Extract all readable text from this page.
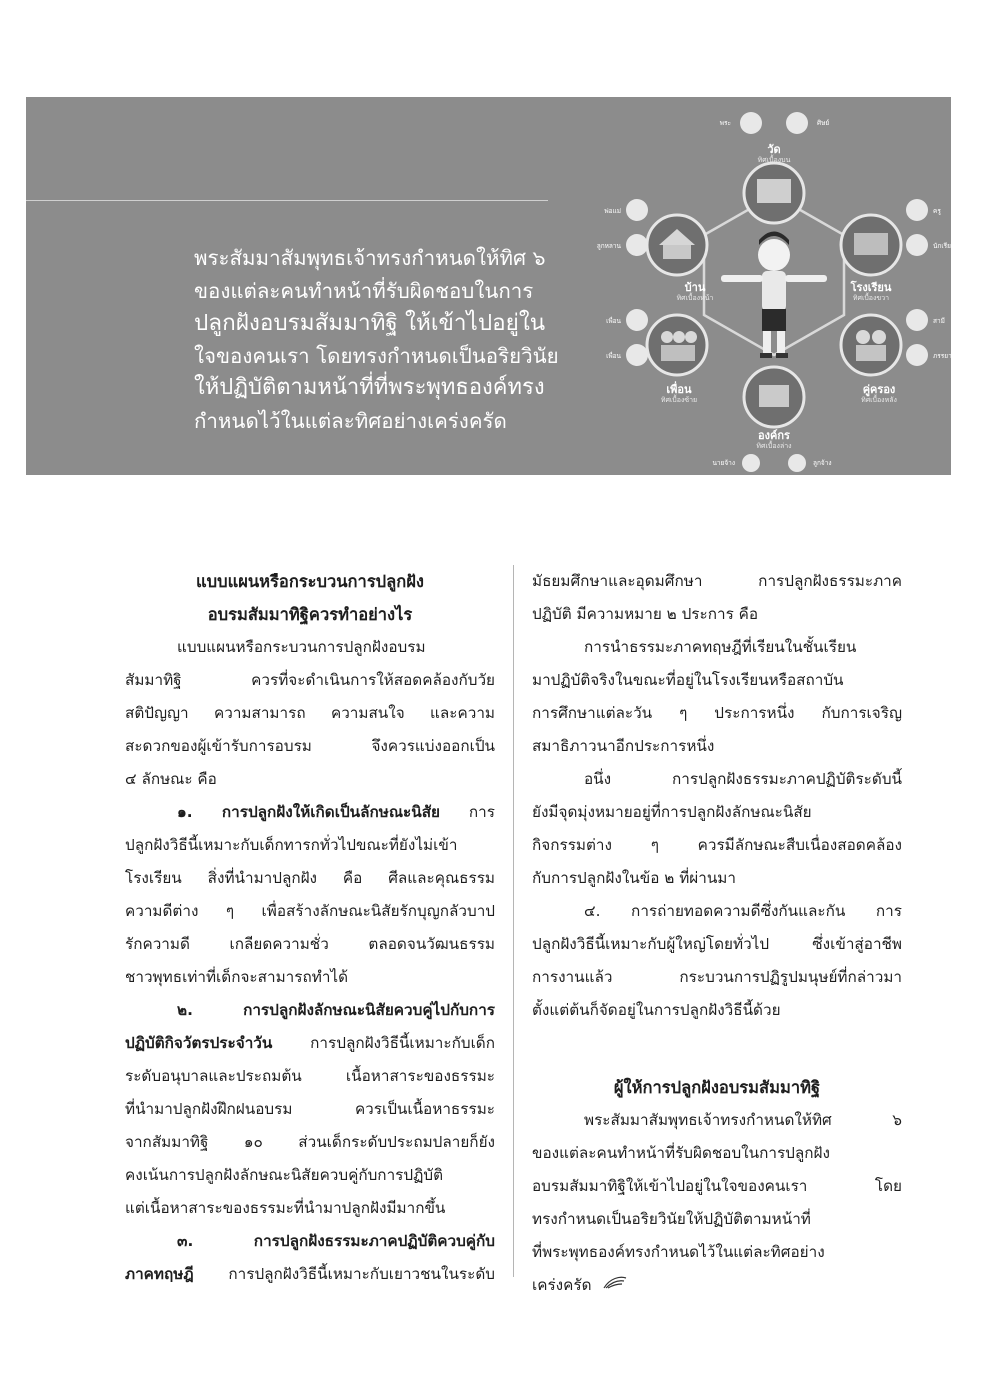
พระสัมมาสัมพุทธเจ้าทรงกำหนดให้ทิศ ๖
ของแต่ละคนทำหน้าที่รับผิดชอบในการ
ปลูกฝังอบรมสัมมาทิฐิ ให้เข้าไปอยู่ใน
ใจของคนเรา โดยทรงกำหนดเป็นอริยวินัย
ให้ปฏิบัติตามหน้าที่ที่พระพุทธองค์ทรง
กำหนดไว้ในแต่ละทิศอย่างเคร่งครัด
วัด
ทิศเบื้องบน
โรงเรียน
ทิศเบื้องขวา
คู่ครอง
ทิศเบื้องหลัง
องค์กร
ทิศเบื้องล่าง
เพื่อน
ทิศเบื้องซ้าย
บ้าน
ทิศเบื้องหน้า
พระ	ศิษย์
ครู
นักเรียน
สามี
ภรรยา
นายจ้าง	ลูกจ้าง
เพื่อน
เพื่อน
พ่อแม่
ลูกหลาน
แบบแผนหรือกระบวนการปลูกฝัง
อบรมสัมมาทิฐิควรทำอย่างไร
แบบแผนหรือกระบวนการปลูกฝังอบรม
สัมมาทิฐิ ควรที่จะดำเนินการให้สอดคล้องกับวัย
สติปัญญา ความสามารถ ความสนใจ และความ
สะดวกของผู้เข้ารับการอบรม จึงควรแบ่งออกเป็น
๔ ลักษณะ คือ
๑. การปลูกฝังให้เกิดเป็นลักษณะนิสัย การ
ปลูกฝังวิธีนี้เหมาะกับเด็กทารกทั่วไปขณะที่ยังไม่เข้า
โรงเรียน สิ่งที่นำมาปลูกฝัง คือ ศีลและคุณธรรม
ความดีต่าง ๆ เพื่อสร้างลักษณะนิสัยรักบุญกลัวบาป
รักความดี เกลียดความชั่ว ตลอดจนวัฒนธรรม
ชาวพุทธเท่าที่เด็กจะสามารถทำได้
๒. การปลูกฝังลักษณะนิสัยควบคู่ไปกับการ
ปฏิบัติกิจวัตรประจำวัน การปลูกฝังวิธีนี้เหมาะกับเด็ก
ระดับอนุบาลและประถมต้น เนื้อหาสาระของธรรมะ
ที่นำมาปลูกฝังฝึกฝนอบรม ควรเป็นเนื้อหาธรรมะ
จากสัมมาทิฐิ ๑๐ ส่วนเด็กระดับประถมปลายก็ยัง
คงเน้นการปลูกฝังลักษณะนิสัยควบคู่กับการปฏิบัติ
แต่เนื้อหาสาระของธรรมะที่นำมาปลูกฝังมีมากขึ้น
๓. การปลูกฝังธรรมะภาคปฏิบัติควบคู่กับ
ภาคทฤษฎี การปลูกฝังวิธีนี้เหมาะกับเยาวชนในระดับ
มัธยมศึกษาและอุดมศึกษา การปลูกฝังธรรมะภาค
ปฏิบัติ มีความหมาย ๒ ประการ คือ
การนำธรรมะภาคทฤษฎีที่เรียนในชั้นเรียน
มาปฏิบัติจริงในขณะที่อยู่ในโรงเรียนหรือสถาบัน
การศึกษาแต่ละวัน ๆ ประการหนึ่ง กับการเจริญ
สมาธิภาวนาอีกประการหนึ่ง
อนึ่ง การปลูกฝังธรรมะภาคปฏิบัติระดับนี้
ยังมีจุดมุ่งหมายอยู่ที่การปลูกฝังลักษณะนิสัย
กิจกรรมต่าง ๆ ควรมีลักษณะสืบเนื่องสอดคล้อง
กับการปลูกฝังในข้อ ๒ ที่ผ่านมา
๔. การถ่ายทอดความดีซึ่งกันและกัน การ
ปลูกฝังวิธีนี้เหมาะกับผู้ใหญ่โดยทั่วไป ซึ่งเข้าสู่อาชีพ
การงานแล้ว กระบวนการปฏิรูปมนุษย์ที่กล่าวมา
ตั้งแต่ต้นก็จัดอยู่ในการปลูกฝังวิธีนี้ด้วย
ผู้ให้การปลูกฝังอบรมสัมมาทิฐิ
พระสัมมาสัมพุทธเจ้าทรงกำหนดให้ทิศ ๖
ของแต่ละคนทำหน้าที่รับผิดชอบในการปลูกฝัง
อบรมสัมมาทิฐิให้เข้าไปอยู่ในใจของคนเรา โดย
ทรงกำหนดเป็นอริยวินัยให้ปฏิบัติตามหน้าที่
ที่พระพุทธองค์ทรงกำหนดไว้ในแต่ละทิศอย่าง
เคร่งครัด
